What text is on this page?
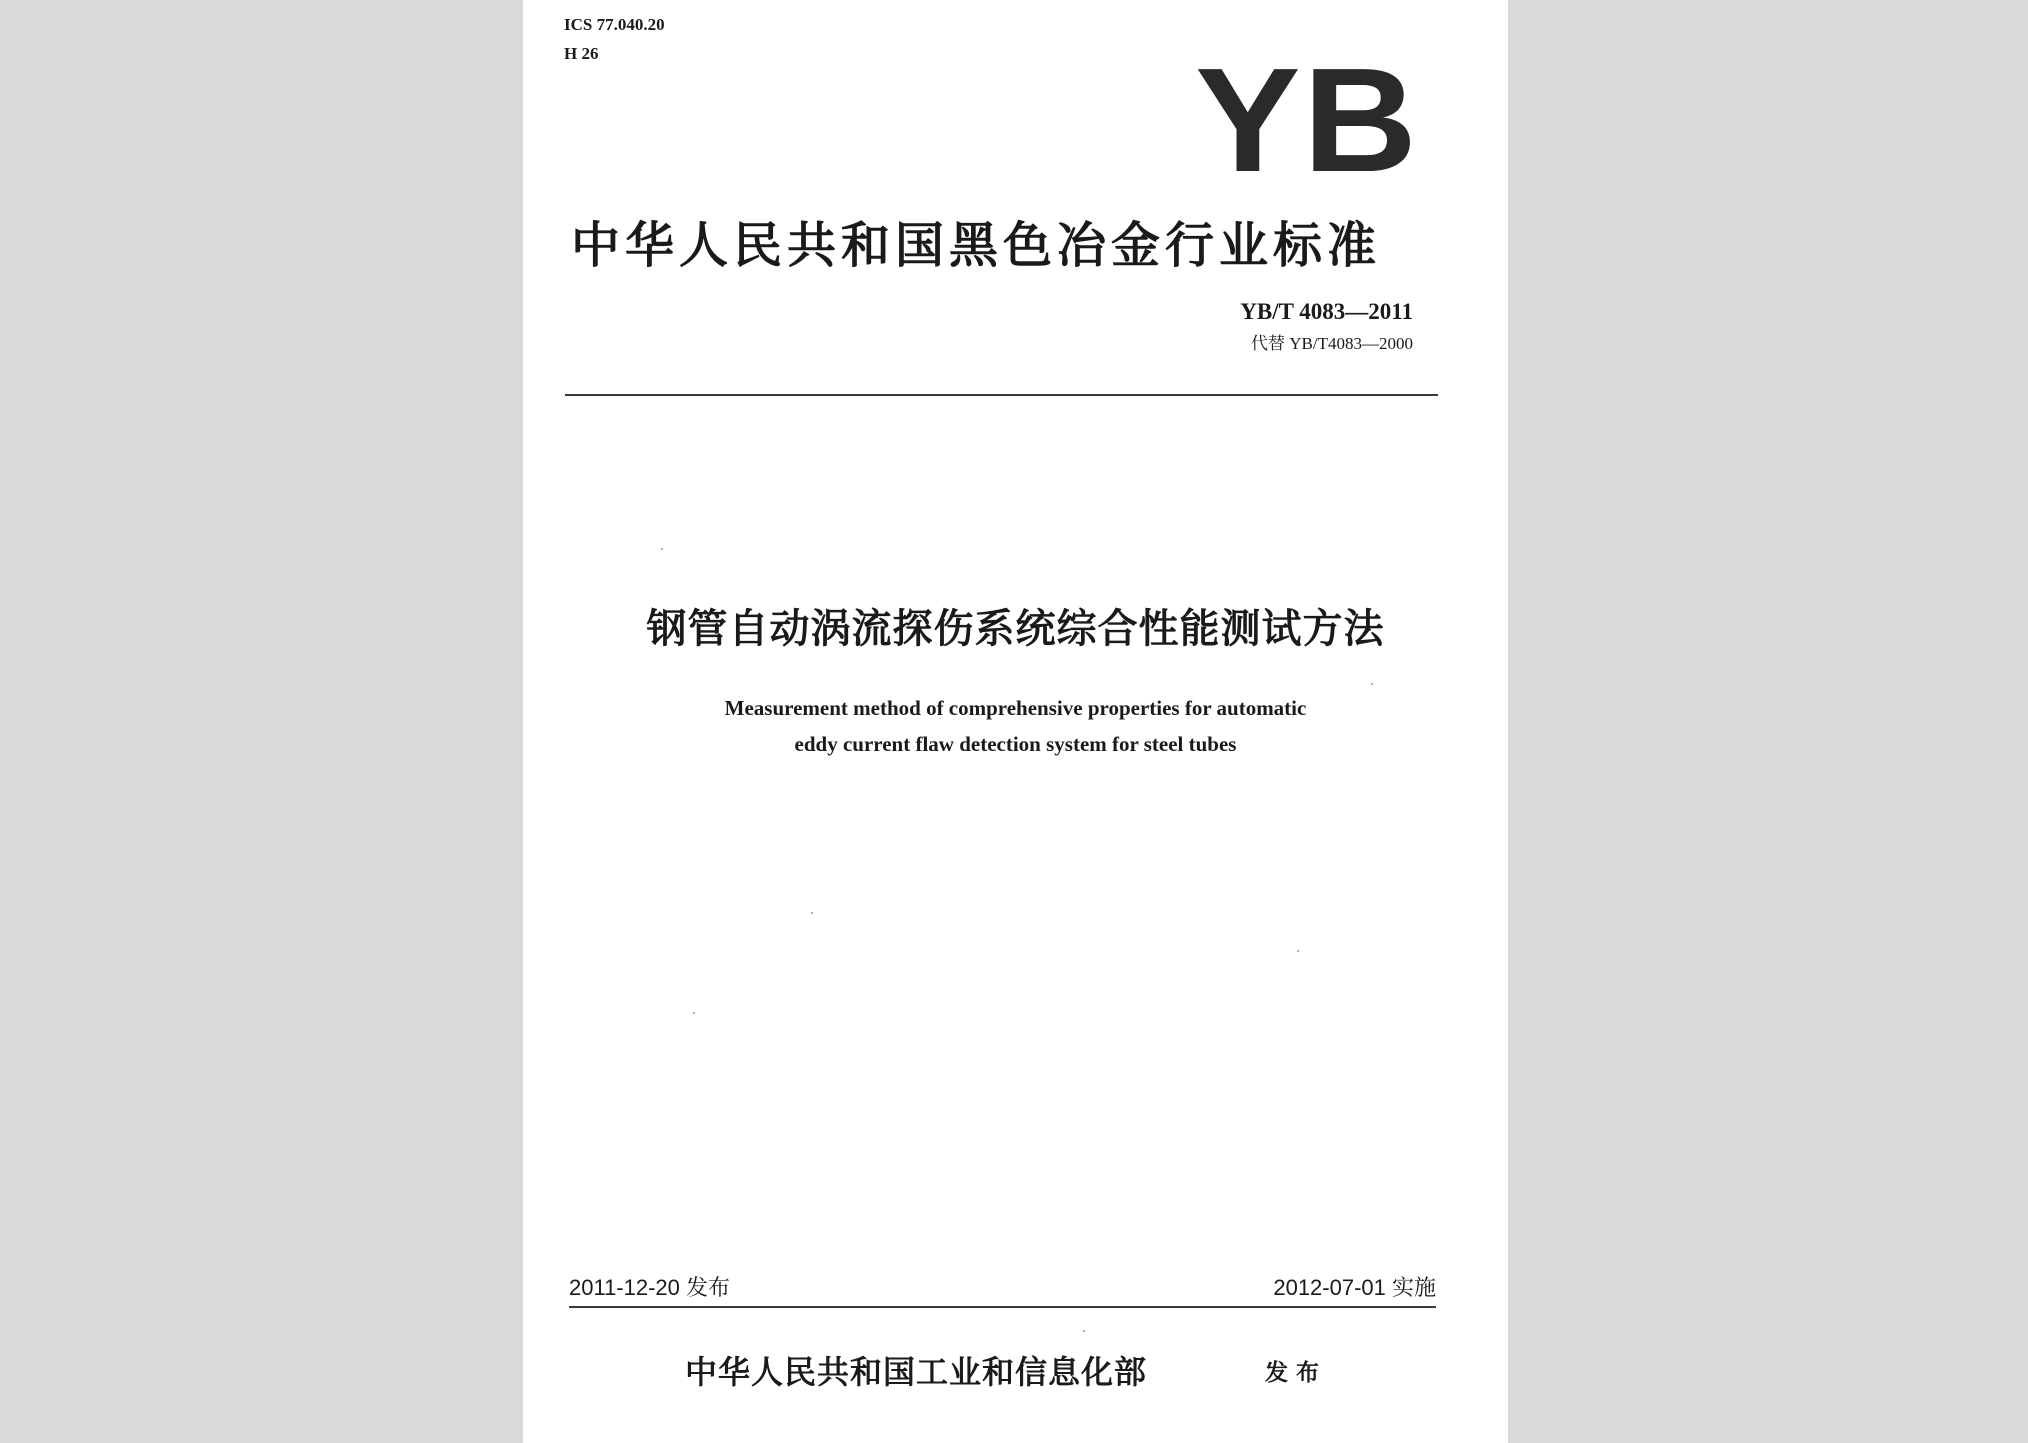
ICS 77.040.20
H 26	YB
中华人民共和国黑色冶金行业标准
YB/T 4083—2011
代替 YB/T4083—2000
钢管自动涡流探伤系统综合性能测试方法
Measurement method of comprehensive properties for automatic
eddy current flaw detection system for steel tubes
2011-12-20 发布	2012-07-01 实施
中华人民共和国工业和信息化部	发布
